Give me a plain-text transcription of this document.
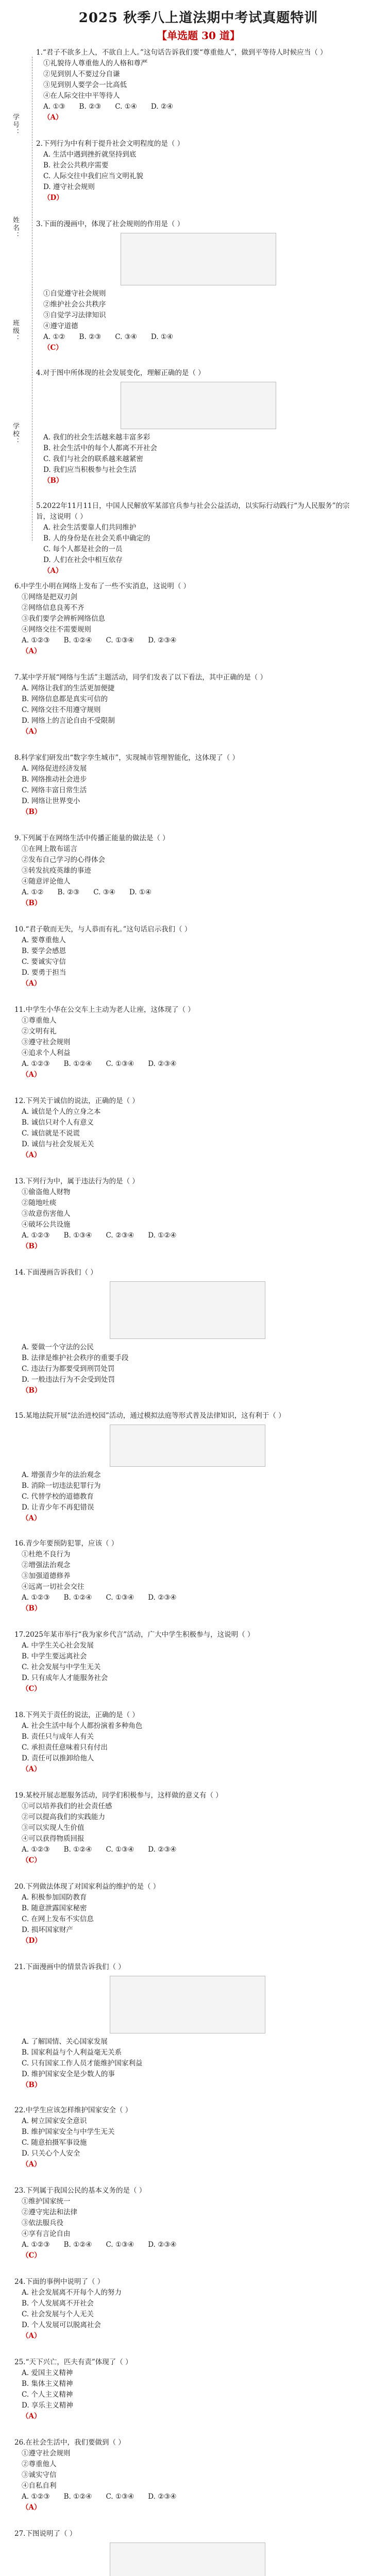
学号：
姓名：
班级：
学校：
2025 秋季八上道法期中考试真题特训
【单选题 30 道】

1.“君子不欲多上人，不欲自上人。”这句话告诉我们要“尊重他人”，做到平等待人时候应当（ ）

①礼貌待人尊重他人的人格和尊严

②见到别人不要过分自谦

③见到别人要学会一比高低

④在人际交往中平等待人

A. ①③　　B. ②③　　C. ①④　　D. ②④

（A）

2.下列行为中有利于提升社会文明程度的是（ ）

A. 生活中遇到挫折就坚持到底

B. 社会公共秩序需要

C. 人际交往中我们应当文明礼貌

D. 遵守社会规则

（D）

3.下面的漫画中，体现了社会规则的作用是（ ）

①自觉遵守社会规则

②维护社会公共秩序

③自觉学习法律知识

④遵守道德

A. ①②　　B. ②③　　C. ③④　　D. ①④

（C）

4.对于图中所体现的社会发展变化，理解正确的是（ ）

A. 我们的社会生活越来越丰富多彩

B. 社会生活中的每个人都离不开社会

C. 我们与社会的联系越来越紧密

D. 我们应当积极参与社会生活

（B）

5.2022年11月11日，中国人民解放军某部官兵参与社会公益活动，以实际行动践行“为人民服务”的宗旨，这说明（ ）

A. 社会生活要靠人们共同维护

B. 人的身份是在社会关系中确定的

C. 每个人都是社会的一员

D. 人们在社会中相互依存

（A）

6.中学生小明在网络上发布了一些不实消息，这说明（ ）

①网络是把双刃剑

②网络信息良莠不齐

③我们要学会辨析网络信息

④网络交往不需要规则

A. ①②③　　B. ①②④　　C. ①③④　　D. ②③④

（A）

7.某中学开展“网络与生活”主题活动，同学们发表了以下看法，其中正确的是（ ）

A. 网络让我们的生活更加便捷

B. 网络信息都是真实可信的

C. 网络交往不用遵守规则

D. 网络上的言论自由不受限制

（A）

8.科学家们研发出“数字孪生城市”，实现城市管理智能化，这体现了（ ）

A. 网络促进经济发展

B. 网络推动社会进步

C. 网络丰富日常生活

D. 网络让世界变小

（B）

9.下列属于在网络生活中传播正能量的做法是（ ）

①在网上散布谣言

②发布自己学习的心得体会

③转发抗疫英雄的事迹

④随意评论他人

A. ①②　　B. ②③　　C. ③④　　D. ①④

（B）

10.“君子敬而无失，与人恭而有礼。”这句话启示我们（ ）

A. 要尊重他人

B. 要学会感恩

C. 要诚实守信

D. 要勇于担当

（A）

11.中学生小华在公交车上主动为老人让座，这体现了（ ）

①尊重他人

②文明有礼

③遵守社会规则

④追求个人利益

A. ①②③　　B. ①②④　　C. ①③④　　D. ②③④

（A）

12.下列关于诚信的说法，正确的是（ ）

A. 诚信是个人的立身之本

B. 诚信只对个人有意义

C. 诚信就是不说谎

D. 诚信与社会发展无关

（A）

13.下列行为中，属于违法行为的是（ ）

①偷盗他人财物

②随地吐痰

③故意伤害他人

④破坏公共设施

A. ①②③　　B. ①③④　　C. ②③④　　D. ①②④

（B）

14.下面漫画告诉我们（ ）

A. 要做一个守法的公民

B. 法律是维护社会秩序的重要手段

C. 违法行为都要受到刑罚处罚

D. 一般违法行为不会受到处罚

（B）

15.某地法院开展“法治进校园”活动，通过模拟法庭等形式普及法律知识，这有利于（ ）

A. 增强青少年的法治观念

B. 消除一切违法犯罪行为

C. 代替学校的道德教育

D. 让青少年不再犯错误

（A）

16.青少年要预防犯罪，应该（ ）

①杜绝不良行为

②增强法治观念

③加强道德修养

④远离一切社会交往

A. ①②③　　B. ①②④　　C. ①③④　　D. ②③④

（B）

17.2025年某市举行“我为家乡代言”活动，广大中学生积极参与，这说明（ ）

A. 中学生关心社会发展

B. 中学生要远离社会

C. 社会发展与中学生无关

D. 只有成年人才能服务社会

（C）

18.下列关于责任的说法，正确的是（ ）

A. 社会生活中每个人都扮演着多种角色

B. 责任只与成年人有关

C. 承担责任意味着只有付出

D. 责任可以推卸给他人

（A）

19.某校开展志愿服务活动，同学们积极参与，这样做的意义有（ ）

①可以培养我们的社会责任感

②可以提高我们的实践能力

③可以实现人生价值

④可以获得物质回报

A. ①②③　　B. ①②④　　C. ①③④　　D. ②③④

（C）

20.下列做法体现了对国家利益的维护的是（ ）

A. 积极参加国防教育

B. 随意泄露国家秘密

C. 在网上发布不实信息

D. 损坏国家财产

（D）

21.下面漫画中的情景告诉我们（ ）

A. 了解国情、关心国家发展

B. 国家利益与个人利益毫无关系

C. 只有国家工作人员才能维护国家利益

D. 维护国家安全是少数人的事

（B）

22.中学生应该怎样维护国家安全（ ）

A. 树立国家安全意识

B. 维护国家安全与中学生无关

C. 随意拍摄军事设施

D. 只关心个人安全

（A）

23.下列属于我国公民的基本义务的是（ ）

①维护国家统一

②遵守宪法和法律

③依法服兵役

④享有言论自由

A. ①②③　　B. ①②④　　C. ①③④　　D. ②③④

（C）

24.下面的事例中说明了（ ）

A. 社会发展离不开每个人的努力

B. 个人发展离不开社会

C. 社会发展与个人无关

D. 个人发展可以脱离社会

（A）

25.“天下兴亡，匹夫有责”体现了（ ）

A. 爱国主义精神

B. 集体主义精神

C. 个人主义精神

D. 享乐主义精神

（A）

26.在社会生活中，我们要做到（ ）

①遵守社会规则

②尊重他人

③诚实守信

④自私自利

A. ①②③　　B. ①②④　　C. ①③④　　D. ②③④

（A）

27.下图说明了（ ）
